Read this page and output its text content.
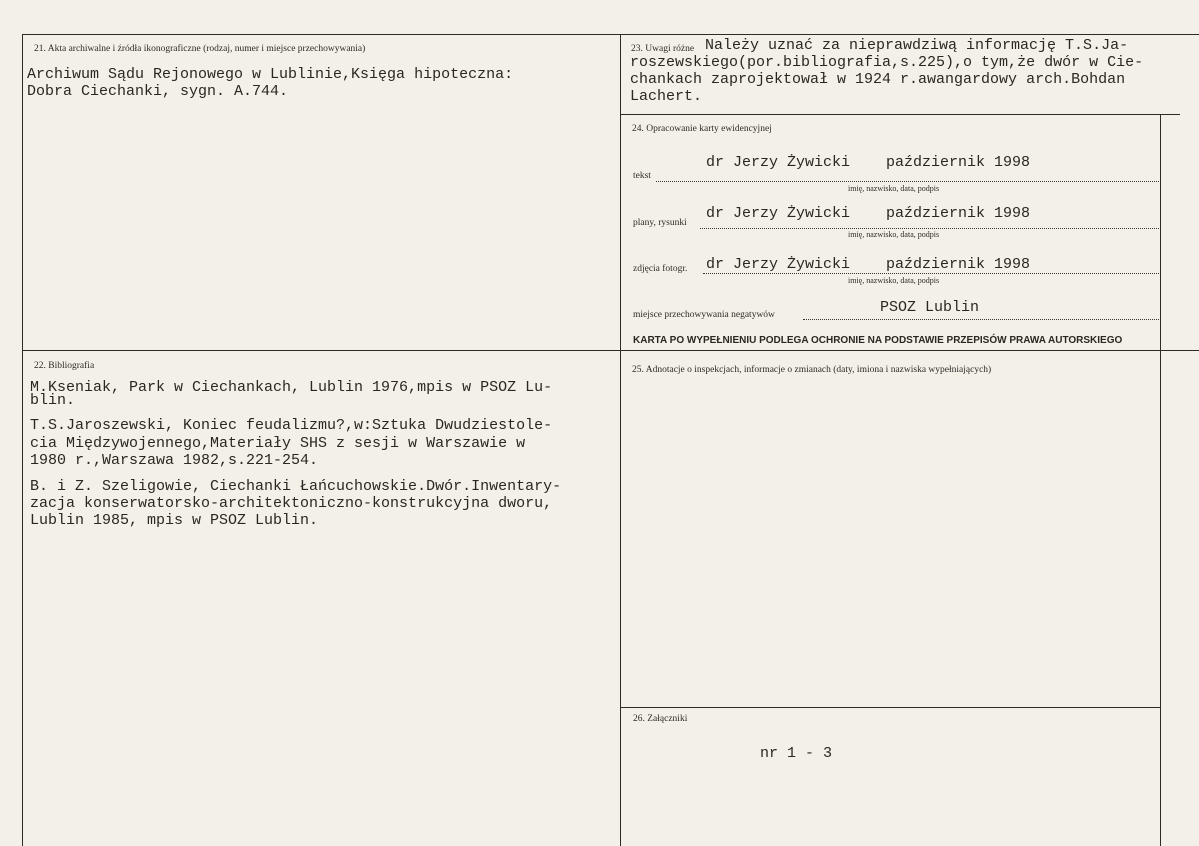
21. Akta archiwalne i źródła ikonograficzne (rodzaj, numer i miejsce przechowywania)
Archiwum Sądu Rejonowego w Lublinie,Księga hipoteczna:
Dobra Ciechanki, sygn. A.744.
23. Uwagi różne Należy uznać za nieprawdziwą informację T.S.Ja-
roszewskiego(por.bibliografia,s.225),o tym,że dwór w Cie-
chankach zaprojektował w 1924 r.awangardowy arch.Bohdan
Lachert.
24. Opracowanie karty ewidencyjnej
tekst
dr Jerzy Żywicki    październik 1998
imię, nazwisko, data, podpis
plany, rysunki
dr Jerzy Żywicki    październik 1998
imię, nazwisko, data, podpis
zdjęcia fotogr. dr Jerzy Żywicki    październik 1998
imię, nazwisko, data, podpis
miejsce przechowywania negatywów	PSOZ Lublin
KARTA PO WYPEŁNIENIU PODLEGA OCHRONIE NA PODSTAWIE PRZEPISÓW PRAWA AUTORSKIEGO
22. Bibliografia
M.Kseniak, Park w Ciechankach, Lublin 1976,mpis w PSOZ Lu-
blin.
T.S.Jaroszewski, Koniec feudalizmu?,w:Sztuka Dwudziestole-
cia Międzywojennego,Materiały SHS z sesji w Warszawie w
1980 r.,Warszawa 1982,s.221-254.
B. i Z. Szeligowie, Ciechanki Łańcuchowskie.Dwór.Inwentary-
zacja konserwatorsko-architektoniczno-konstrukcyjna dworu,
Lublin 1985, mpis w PSOZ Lublin.
25. Adnotacje o inspekcjach, informacje o zmianach (daty, imiona i nazwiska wypełniających)
26. Załączniki
nr 1 - 3
